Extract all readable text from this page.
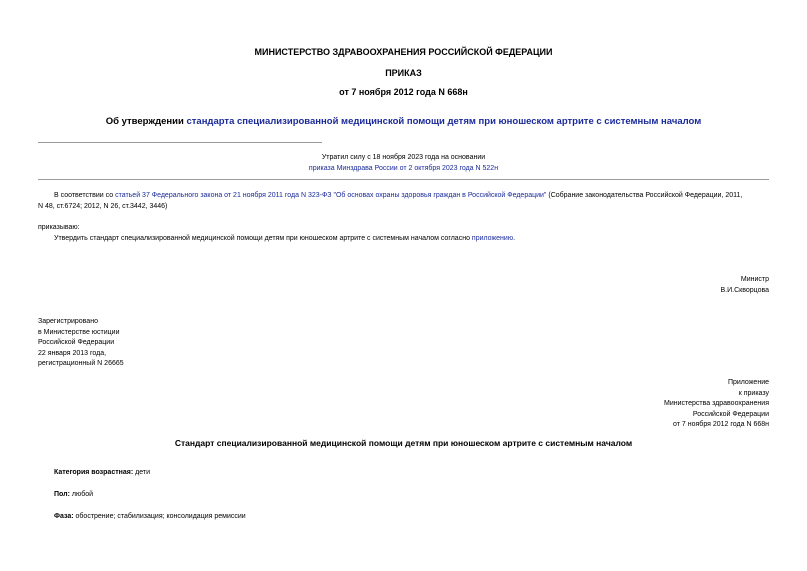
МИНИСТЕРСТВО ЗДРАВООХРАНЕНИЯ РОССИЙСКОЙ ФЕДЕРАЦИИ
ПРИКАЗ
от 7 ноября 2012 года N 668н
Об утверждении стандарта специализированной медицинской помощи детям при юношеском артрите с системным началом
Утратил силу с 18 ноября 2023 года на основании
приказа Минздрава России от 2 октября 2023 года N 522н
В соответствии со статьей 37 Федерального закона от 21 ноября 2011 года N 323-ФЗ "Об основах охраны здоровья граждан в Российской Федерации" (Собрание законодательства Российской Федерации, 2011,
N 48, ст.6724; 2012, N 26, ст.3442, 3446)
приказываю:
Утвердить стандарт специализированной медицинской помощи детям при юношеском артрите с системным началом согласно приложению.
Министр
В.И.Скворцова
Зарегистрировано
в Министерстве юстиции
Российской Федерации
22 января 2013 года,
регистрационный N 26665
Приложение
к приказу
Министерства здравоохранения
Российской Федерации
от 7 ноября 2012 года N 668н
Стандарт специализированной медицинской помощи детям при юношеском артрите с системным началом
Категория возрастная: дети
Пол: любой
Фаза: обострение; стабилизация; консолидация ремиссии
